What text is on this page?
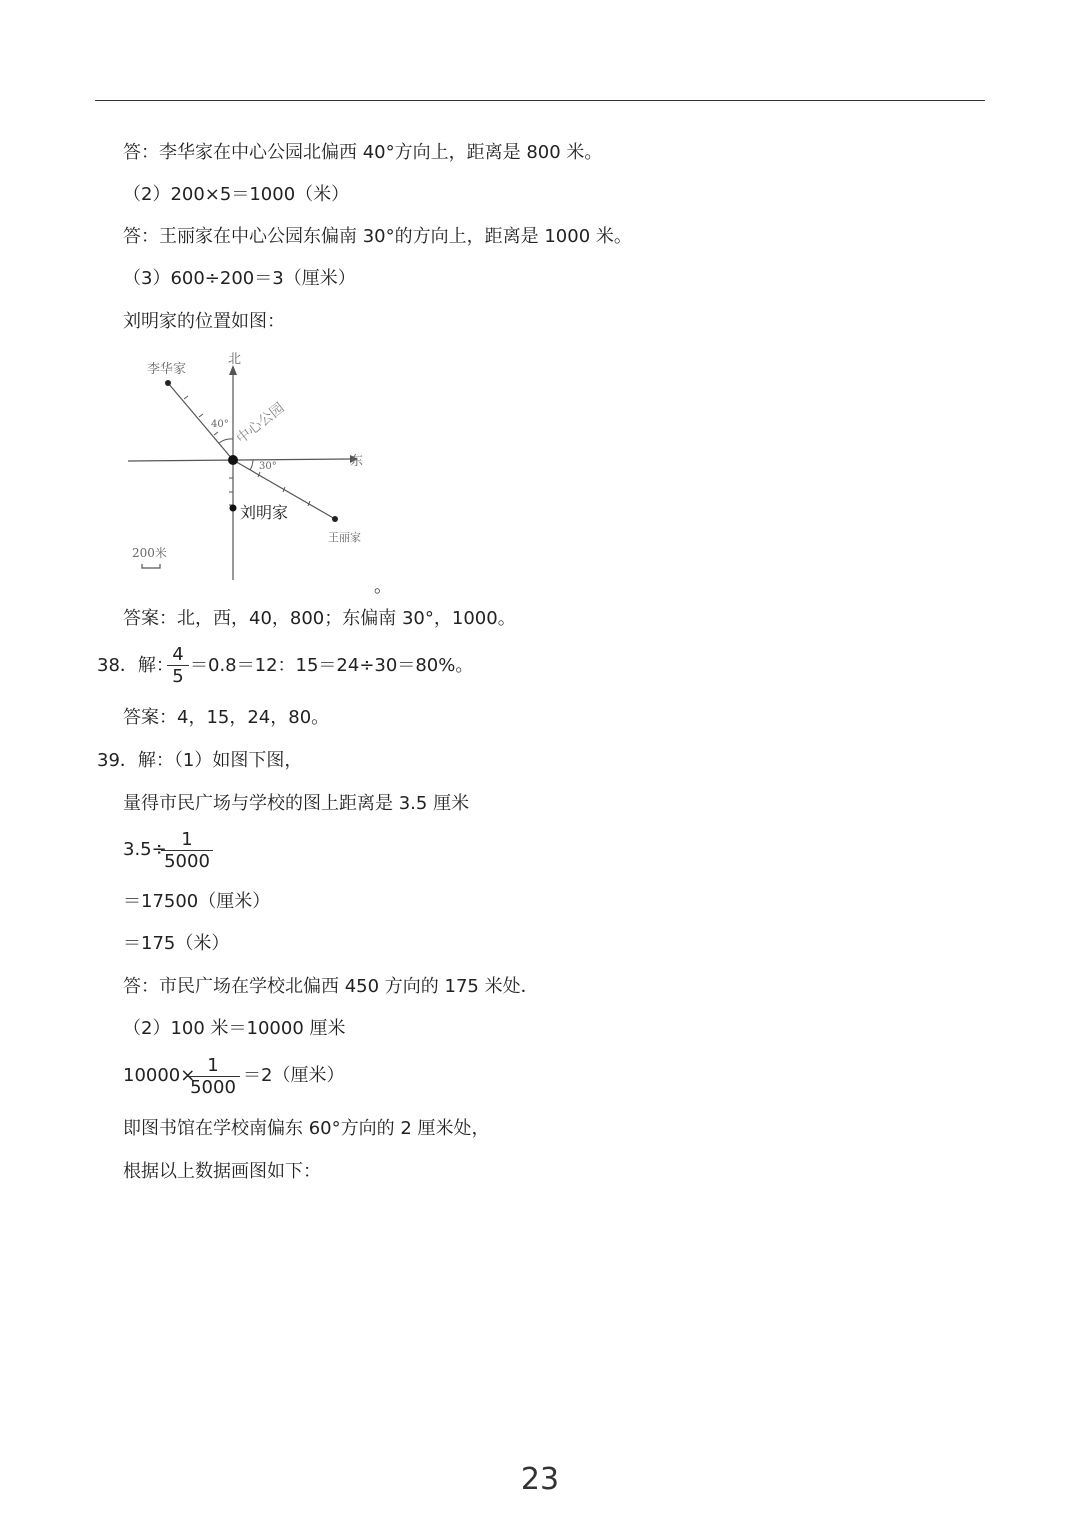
答：李华家在中心公园北偏西 40°方向上，距离是 800 米。
（2）200×5＝1000（米）
答：王丽家在中心公园东偏南 30°的方向上，距离是 1000 米。
（3）600÷200＝3（厘米）
刘明家的位置如图：
李华家
北
东
40°
30°
中心公园
刘明家
王丽家
200米
。
答案：北，西，40，800；东偏南 30°，1000。
38．解：
$\frac{4}{5} =0.8=12$：15＝24÷30＝80%。
答案：4，15，24，80。
39．解：（1）如图下图，
量得市民广场与学校的图上距离是 3.5 厘米
3.5÷
$\frac{1}{5000}$
＝17500（厘米）
＝175（米）
答：市民广场在学校北偏西 450 方向的 175 米处．
（2）100 米＝10000 厘米
10000×
$\frac{1}{5000} =2$（厘米）
即图书馆在学校南偏东 60°方向的 2 厘米处，
根据以上数据画图如下：
23
